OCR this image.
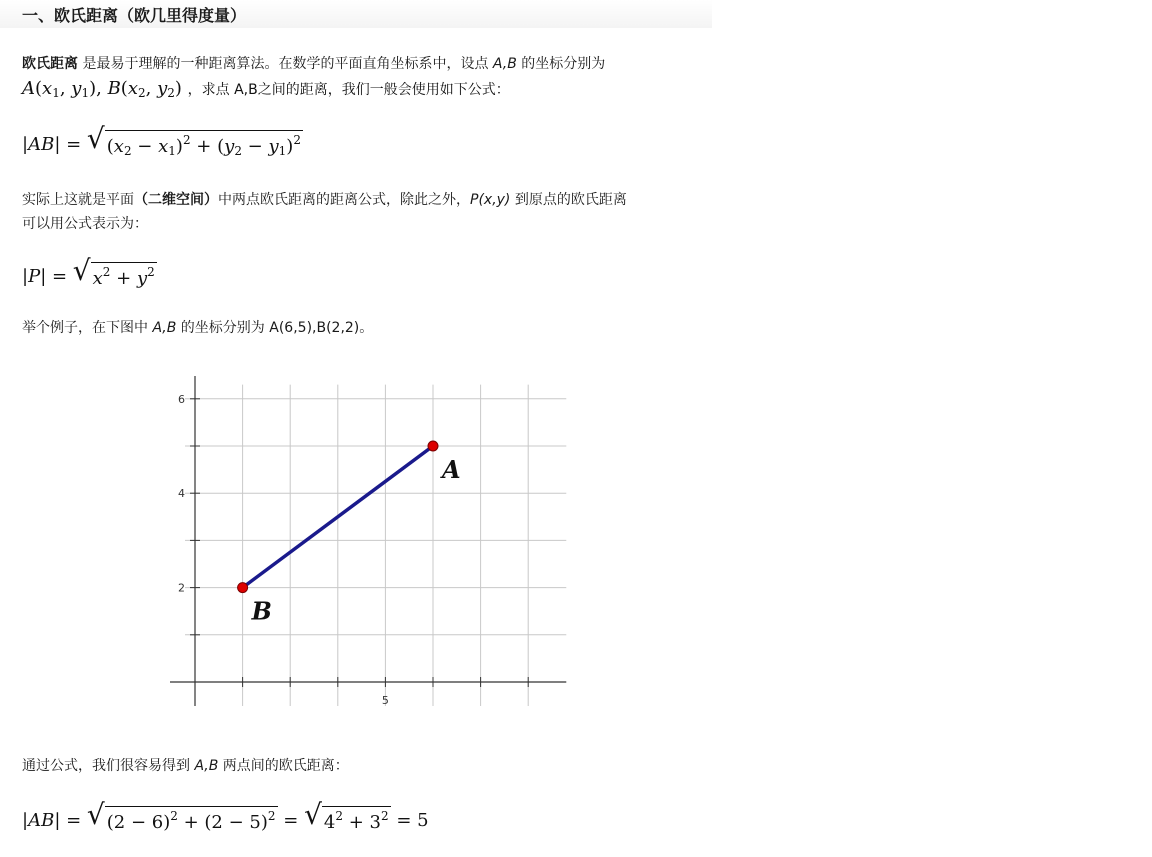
一、欧氏距离（欧几里得度量）

欧氏距离 是最易于理解的一种距离算法。在数学的平面直角坐标系中，设点 A,B 的坐标分别为

$A(x_1$, $y_1$), $B(x_2$, $y_2$) ，求点 A,B之间的距离，我们一般会使用如下公式：
|AB| = √ $(x_2 - x_1)^2 + (y_2 - y_1)^2$

实际上这就是平面（二维空间）中两点欧氏距离的距离公式，除此之外，P(x,y) 到原点的欧氏距离
可以用公式表示为：

|P| = √ $x^2 + y^2$

举个例子，在下图中 A,B 的坐标分别为 A(6,5),B(2,2)。

5
2
4
6
A
B

通过公式，我们很容易得到 A,B 两点间的欧氏距离：

|AB| = √ $(2 - 6)^2 + (2 - 5)^2$ = √ $4^2 + 3^2 = 5$
